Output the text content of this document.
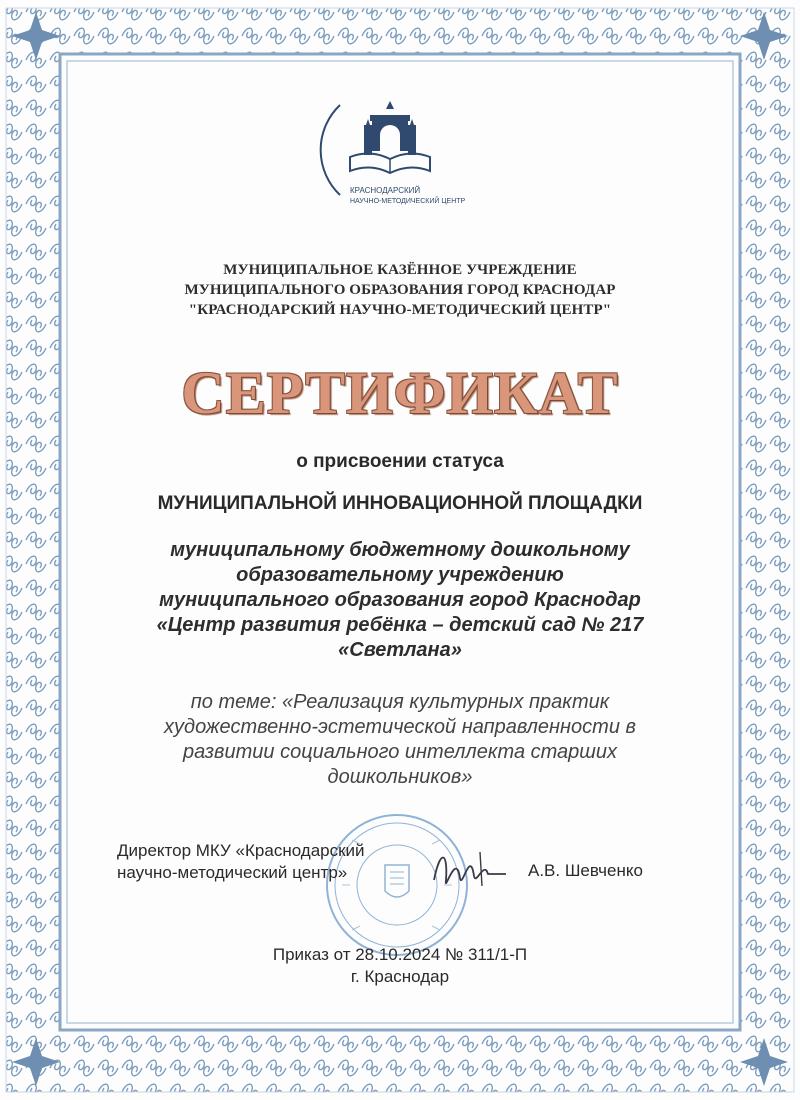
КРАСНОДАРСКИЙ
НАУЧНО-МЕТОДИЧЕСКИЙ ЦЕНТР
МУНИЦИПАЛЬНОЕ КАЗЁННОЕ УЧРЕЖДЕНИЕ
МУНИЦИПАЛЬНОГО ОБРАЗОВАНИЯ ГОРОД КРАСНОДАР
"КРАСНОДАРСКИЙ НАУЧНО-МЕТОДИЧЕСКИЙ ЦЕНТР"
СЕРТИФИКАТ
о присвоении статуса
МУНИЦИПАЛЬНОЙ ИННОВАЦИОННОЙ ПЛОЩАДКИ
муниципальному бюджетному дошкольному
образовательному учреждению
муниципального образования город Краснодар
«Центр развития ребёнка – детский сад № 217
«Светлана»
по теме: «Реализация культурных практик
художественно-эстетической направленности в
развитии социального интеллекта старших
дошкольников»
Директор МКУ «Краснодарский
научно-методический центр»	А.В. Шевченко
Приказ от 28.10.2024 № 311/1-П
г. Краснодар
